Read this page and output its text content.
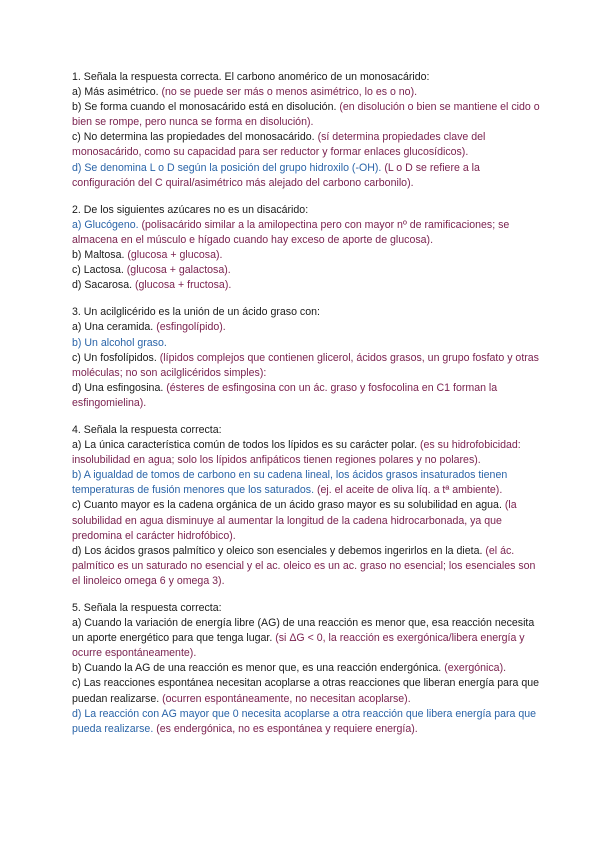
1. Señala la respuesta correcta. El carbono anomérico de un monosacárido:

a) Más asimétrico. (no se puede ser más o menos asimétrico, lo es o no).

b) Se forma cuando el monosacárido está en disolución. (en disolución o bien se mantiene el cido o bien se rompe, pero nunca se forma en disolución).

c) No determina las propiedades del monosacárido. (sí determina propiedades clave del monosacárido, como su capacidad para ser reductor y formar enlaces glucosídicos).

d) Se denomina L o D según la posición del grupo hidroxilo (-OH). (L o D se refiere a la configuración del C quiral/asimétrico más alejado del carbono carbonilo).

2. De los siguientes azúcares no es un disacárido:

a) Glucógeno. (polisacárido similar a la amilopectina pero con mayor nº de ramificaciones; se almacena en el músculo e hígado cuando hay exceso de aporte de glucosa).

b) Maltosa. (glucosa + glucosa).

c) Lactosa. (glucosa + galactosa).

d) Sacarosa. (glucosa + fructosa).

3. Un acilglicérido es la unión de un ácido graso con:

a) Una ceramida. (esfingolípido).

b) Un alcohol graso.

c) Un fosfolípidos. (lípidos complejos que contienen glicerol, ácidos grasos, un grupo fosfato y otras moléculas; no son acilglicéridos simples):

d) Una esfingosina. (ésteres de esfingosina con un ác. graso y fosfocolina en C1 forman la esfingomielina).

4. Señala la respuesta correcta:

a) La única característica común de todos los lípidos es su carácter polar. (es su hidrofobicidad: insolubilidad en agua; solo los lípidos anfipáticos tienen regiones polares y no polares).

b) A igualdad de tomos de carbono en su cadena lineal, los ácidos grasos insaturados tienen temperaturas de fusión menores que los saturados. (ej. el aceite de oliva líq. a tª ambiente).

c) Cuanto mayor es la cadena orgánica de un ácido graso mayor es su solubilidad en agua. (la solubilidad en agua disminuye al aumentar la longitud de la cadena hidrocarbonada, ya que predomina el carácter hidrofóbico).

d) Los ácidos grasos palmítico y oleico son esenciales y debemos ingerirlos en la dieta. (el ác. palmítico es un saturado no esencial y el ac. oleico es un ac. graso no esencial; los esenciales son el linoleico omega 6 y omega 3).

5. Señala la respuesta correcta:

a) Cuando la variación de energía libre (AG) de una reacción es menor que, esa reacción necesita un aporte energético para que tenga lugar. (si ΔG < 0, la reacción es exergónica/libera energía y ocurre espontáneamente).

b) Cuando la AG de una reacción es menor que, es una reacción endergónica. (exergónica).

c) Las reacciones espontánea necesitan acoplarse a otras reacciones que liberan energía para que puedan realizarse. (ocurren espontáneamente, no necesitan acoplarse).

d) La reacción con AG mayor que 0 necesita acoplarse a otra reacción que libera energía para que pueda realizarse. (es endergónica, no es espontánea y requiere energía).
